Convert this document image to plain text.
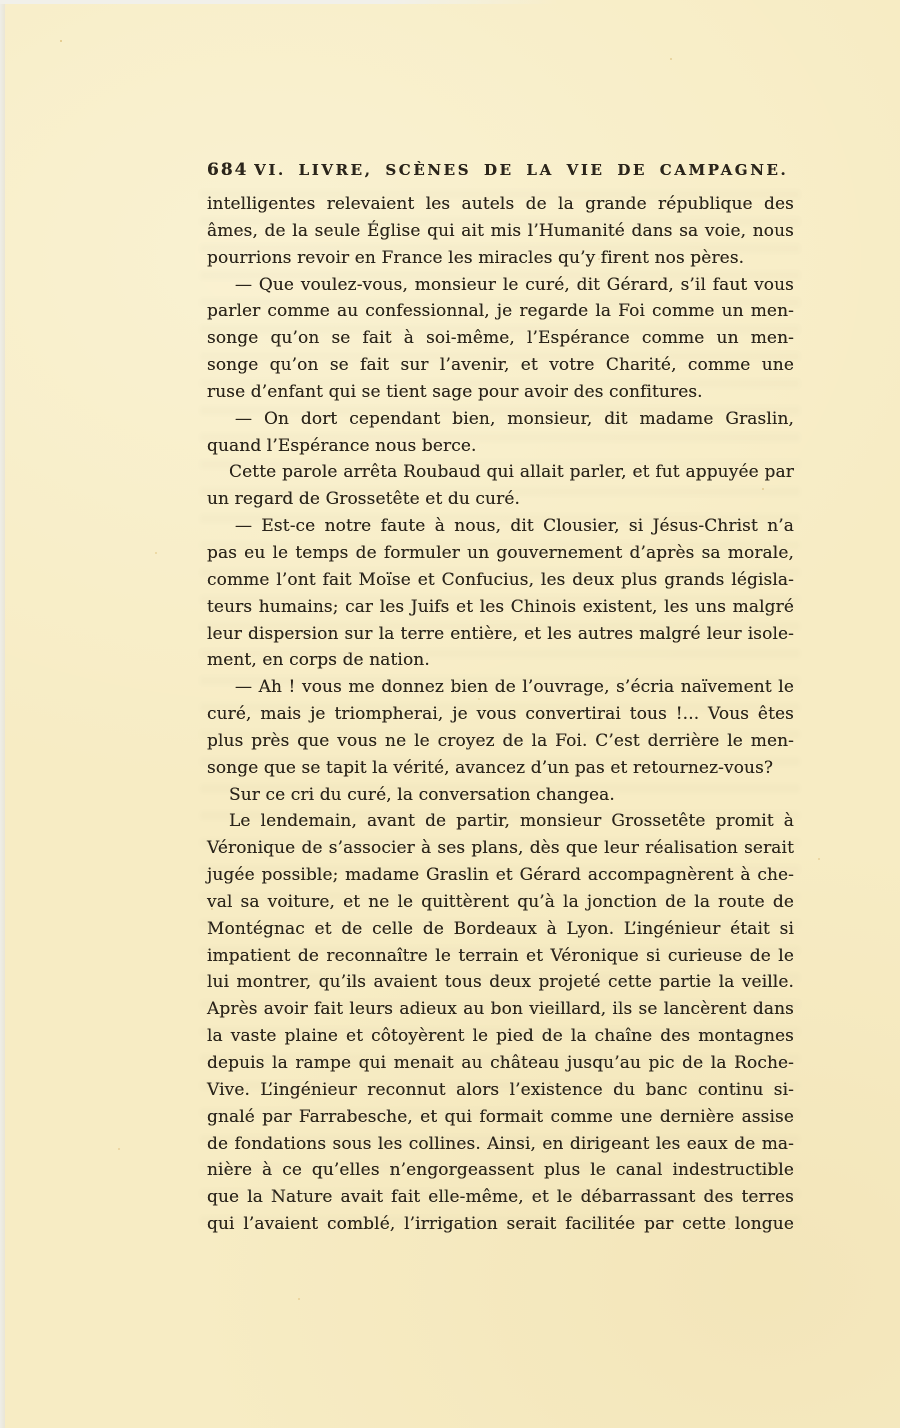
684 VI. LIVRE, SCÈNES DE LA VIE DE CAMPAGNE.
intelligentes relevaient les autels de la grande république des
âmes, de la seule Église qui ait mis l’Humanité dans sa voie, nous
pourrions revoir en France les miracles qu’y firent nos pères.
— Que voulez-vous, monsieur le curé, dit Gérard, s’il faut vous
parler comme au confessionnal, je regarde la Foi comme un men-
songe qu’on se fait à soi-même, l’Espérance comme un men-
songe qu’on se fait sur l’avenir, et votre Charité, comme une
ruse d’enfant qui se tient sage pour avoir des confitures.
— On dort cependant bien, monsieur, dit madame Graslin,
quand l’Espérance nous berce.
Cette parole arrêta Roubaud qui allait parler, et fut appuyée par
un regard de Grossetête et du curé.
— Est-ce notre faute à nous, dit Clousier, si Jésus-Christ n’a
pas eu le temps de formuler un gouvernement d’après sa morale,
comme l’ont fait Moïse et Confucius, les deux plus grands législa-
teurs humains; car les Juifs et les Chinois existent, les uns malgré
leur dispersion sur la terre entière, et les autres malgré leur isole-
ment, en corps de nation.
— Ah ! vous me donnez bien de l’ouvrage, s’écria naïvement le
curé, mais je triompherai, je vous convertirai tous !... Vous êtes
plus près que vous ne le croyez de la Foi. C’est derrière le men-
songe que se tapit la vérité, avancez d’un pas et retournez-vous?
Sur ce cri du curé, la conversation changea.
Le lendemain, avant de partir, monsieur Grossetête promit à
Véronique de s’associer à ses plans, dès que leur réalisation serait
jugée possible; madame Graslin et Gérard accompagnèrent à che-
val sa voiture, et ne le quittèrent qu’à la jonction de la route de
Montégnac et de celle de Bordeaux à Lyon. L’ingénieur était si
impatient de reconnaître le terrain et Véronique si curieuse de le
lui montrer, qu’ils avaient tous deux projeté cette partie la veille.
Après avoir fait leurs adieux au bon vieillard, ils se lancèrent dans
la vaste plaine et côtoyèrent le pied de la chaîne des montagnes
depuis la rampe qui menait au château jusqu’au pic de la Roche-
Vive. L’ingénieur reconnut alors l’existence du banc continu si-
gnalé par Farrabesche, et qui formait comme une dernière assise
de fondations sous les collines. Ainsi, en dirigeant les eaux de ma-
nière à ce qu’elles n’engorgeassent plus le canal indestructible
que la Nature avait fait elle-même, et le débarrassant des terres
qui l’avaient comblé, l’irrigation serait facilitée par cette longue
